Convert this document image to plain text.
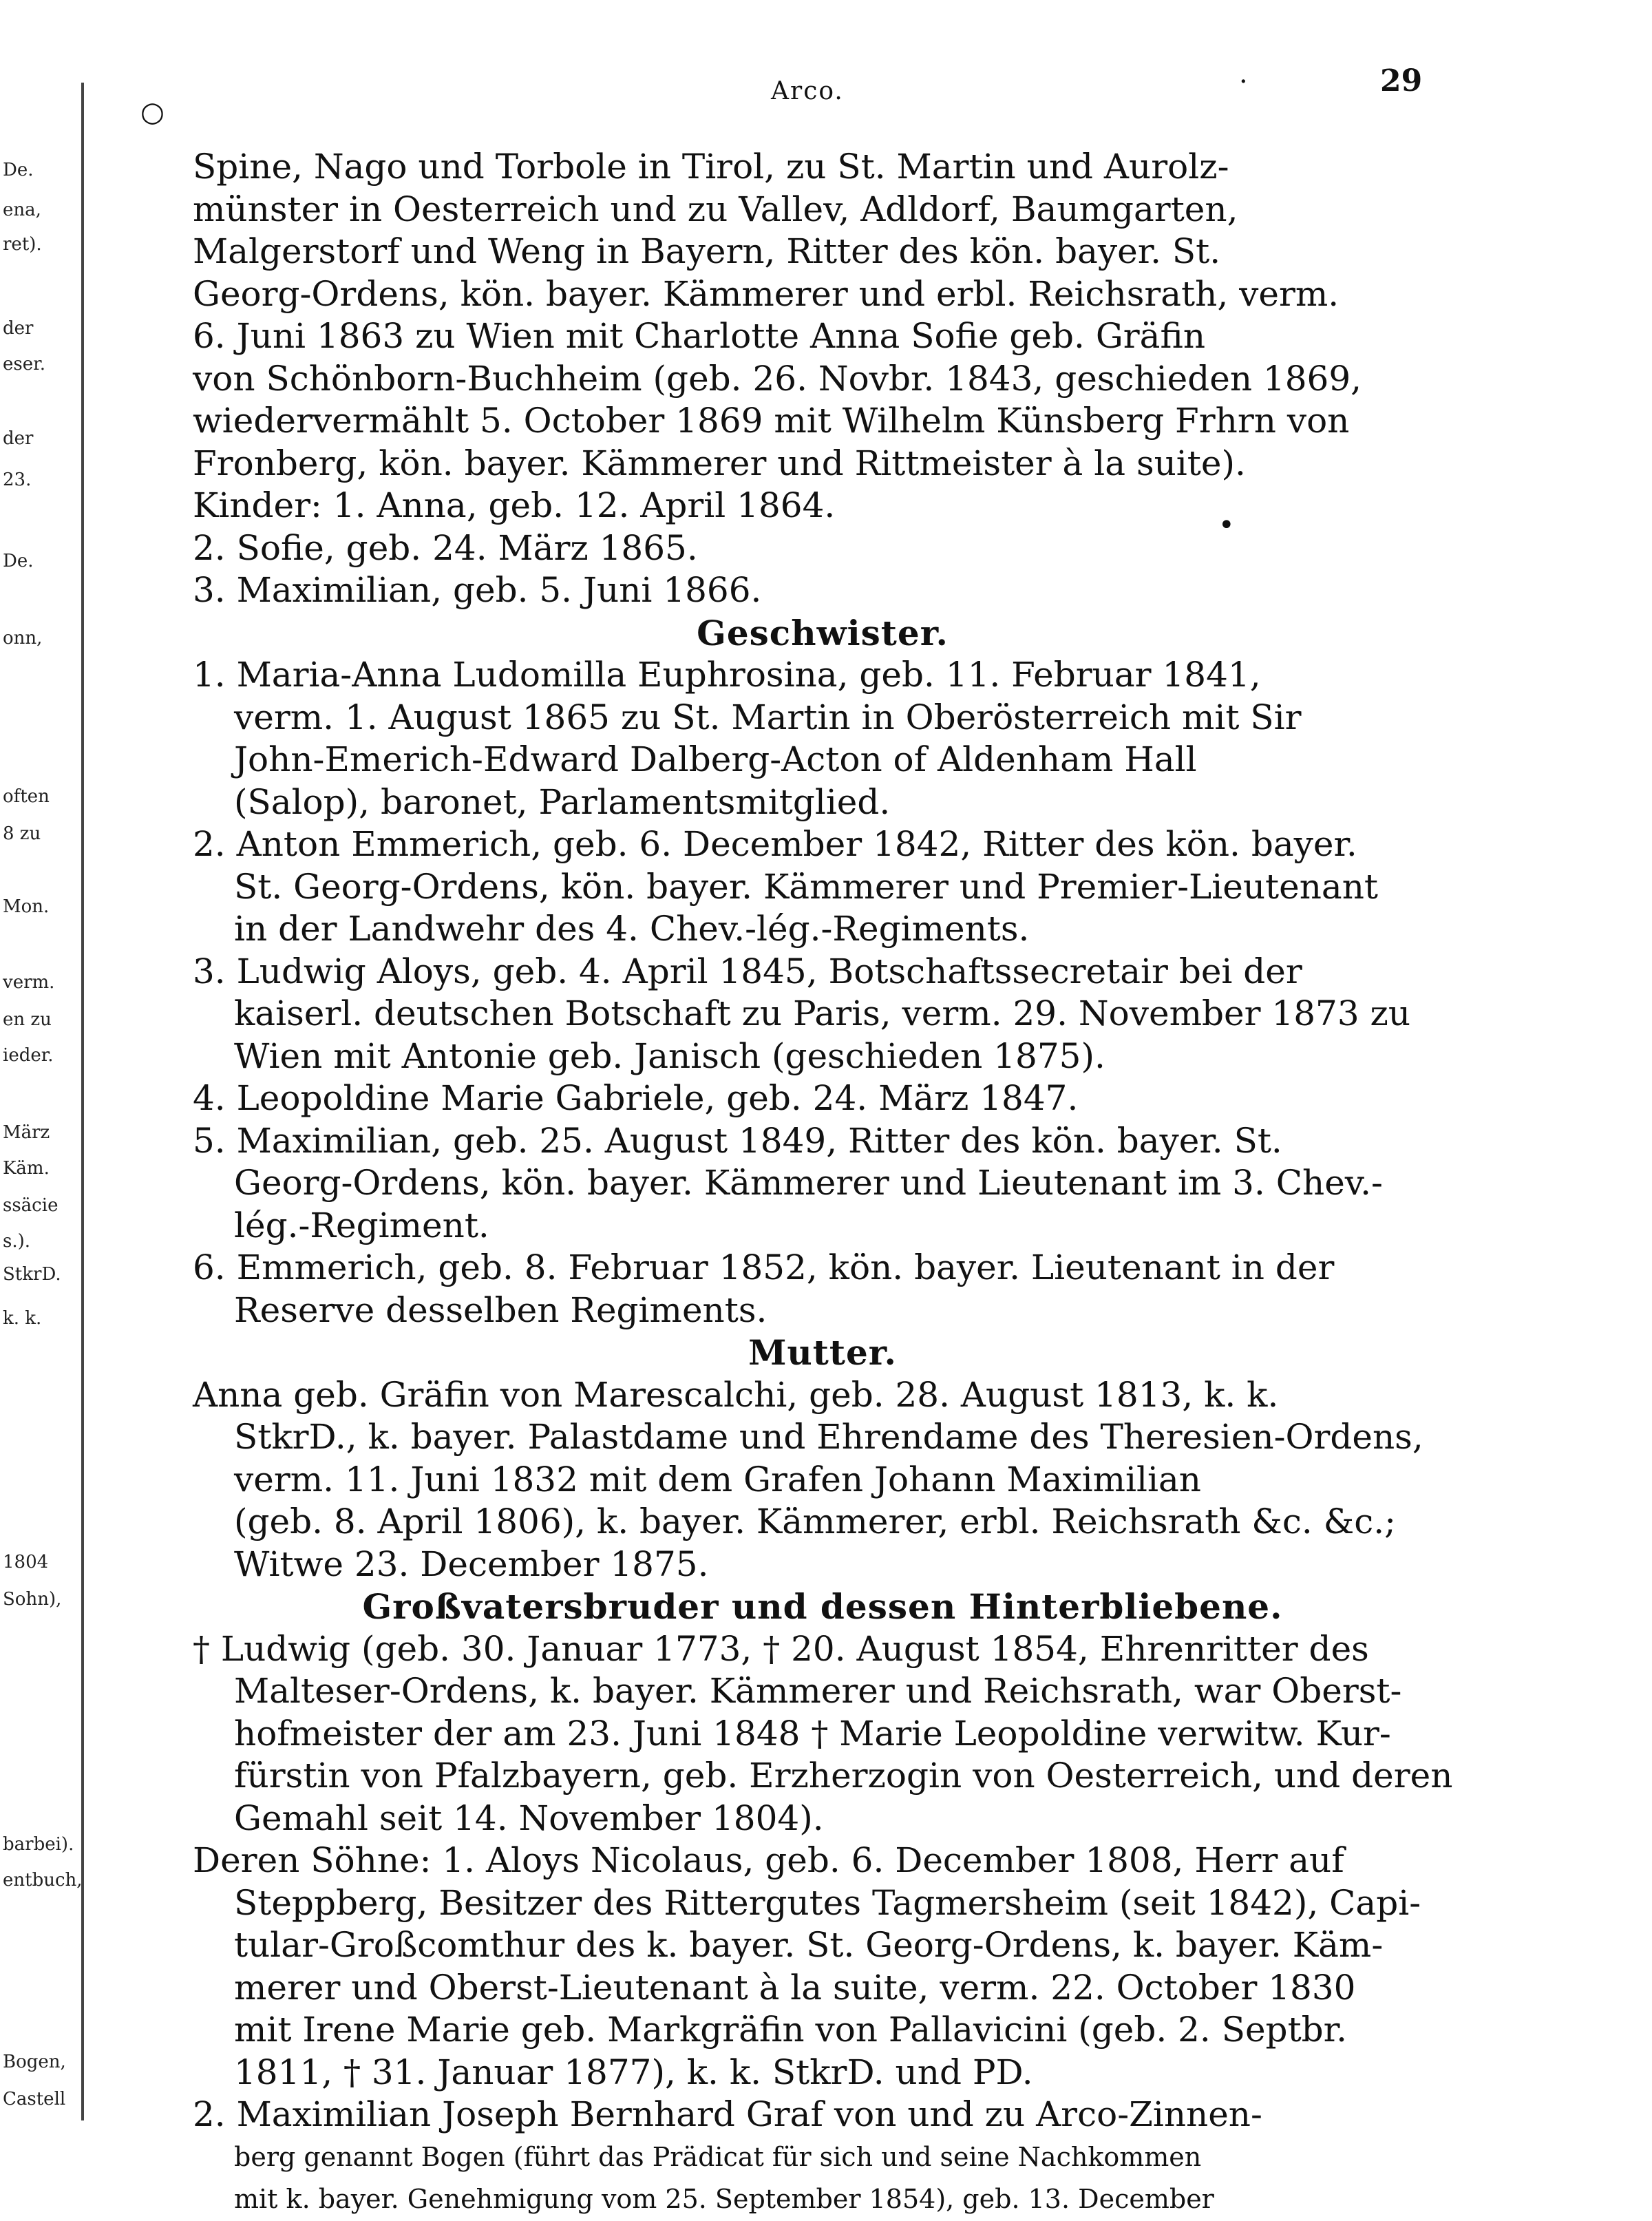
De.
ena,
ret).
der
eser.
der
23.
De.
onn,
often
8 zu
Mon.
verm.
en zu
ieder.
März
Käm.
ssäcie
s.).
StkrD.
k. k.
1804
Sohn),
barbei).
entbuch,
Bogen,
Castell
Arco.	29
○
·
•
Spine, Nago und Torbole in Tirol, zu St. Martin und Aurolz-
münster in Oesterreich und zu Vallev, Adldorf, Baumgarten,
Malgerstorf und Weng in Bayern, Ritter des kön. bayer. St.
Georg-Ordens, kön. bayer. Kämmerer und erbl. Reichsrath, verm.
6. Juni 1863 zu Wien mit Charlotte Anna Sofie geb. Gräfin
von Schönborn-Buchheim (geb. 26. Novbr. 1843, geschieden 1869,
wiedervermählt 5. October 1869 mit Wilhelm Künsberg Frhrn von
Fronberg, kön. bayer. Kämmerer und Rittmeister à la suite).
Kinder: 1. Anna, geb. 12. April 1864.
2. Sofie, geb. 24. März 1865.
3. Maximilian, geb. 5. Juni 1866.
Geschwister.
1. Maria-Anna Ludomilla Euphrosina, geb. 11. Februar 1841,
verm. 1. August 1865 zu St. Martin in Oberösterreich mit Sir
John-Emerich-Edward Dalberg-Acton of Aldenham Hall
(Salop), baronet, Parlamentsmitglied.
2. Anton Emmerich, geb. 6. December 1842, Ritter des kön. bayer.
St. Georg-Ordens, kön. bayer. Kämmerer und Premier-Lieutenant
in der Landwehr des 4. Chev.-lég.-Regiments.
3. Ludwig Aloys, geb. 4. April 1845, Botschaftssecretair bei der
kaiserl. deutschen Botschaft zu Paris, verm. 29. November 1873 zu
Wien mit Antonie geb. Janisch (geschieden 1875).
4. Leopoldine Marie Gabriele, geb. 24. März 1847.
5. Maximilian, geb. 25. August 1849, Ritter des kön. bayer. St.
Georg-Ordens, kön. bayer. Kämmerer und Lieutenant im 3. Chev.-
lég.-Regiment.
6. Emmerich, geb. 8. Februar 1852, kön. bayer. Lieutenant in der
Reserve desselben Regiments.
Mutter.
Anna geb. Gräfin von Marescalchi, geb. 28. August 1813, k. k.
StkrD., k. bayer. Palastdame und Ehrendame des Theresien-Ordens,
verm. 11. Juni 1832 mit dem Grafen Johann Maximilian
(geb. 8. April 1806), k. bayer. Kämmerer, erbl. Reichsrath &c. &c.;
Witwe 23. December 1875.
Großvatersbruder und dessen Hinterbliebene.
† Ludwig (geb. 30. Januar 1773, † 20. August 1854, Ehrenritter des
Malteser-Ordens, k. bayer. Kämmerer und Reichsrath, war Oberst-
hofmeister der am 23. Juni 1848 † Marie Leopoldine verwitw. Kur-
fürstin von Pfalzbayern, geb. Erzherzogin von Oesterreich, und deren
Gemahl seit 14. November 1804).
Deren Söhne: 1. Aloys Nicolaus, geb. 6. December 1808, Herr auf
Steppberg, Besitzer des Rittergutes Tagmersheim (seit 1842), Capi-
tular-Großcomthur des k. bayer. St. Georg-Ordens, k. bayer. Käm-
merer und Oberst-Lieutenant à la suite, verm. 22. October 1830
mit Irene Marie geb. Markgräfin von Pallavicini (geb. 2. Septbr.
1811, † 31. Januar 1877), k. k. StkrD. und PD.
2. Maximilian Joseph Bernhard Graf von und zu Arco-Zinnen-
berg genannt Bogen (führt das Prädicat für sich und seine Nachkommen
mit k. bayer. Genehmigung vom 25. September 1854), geb. 13. December
